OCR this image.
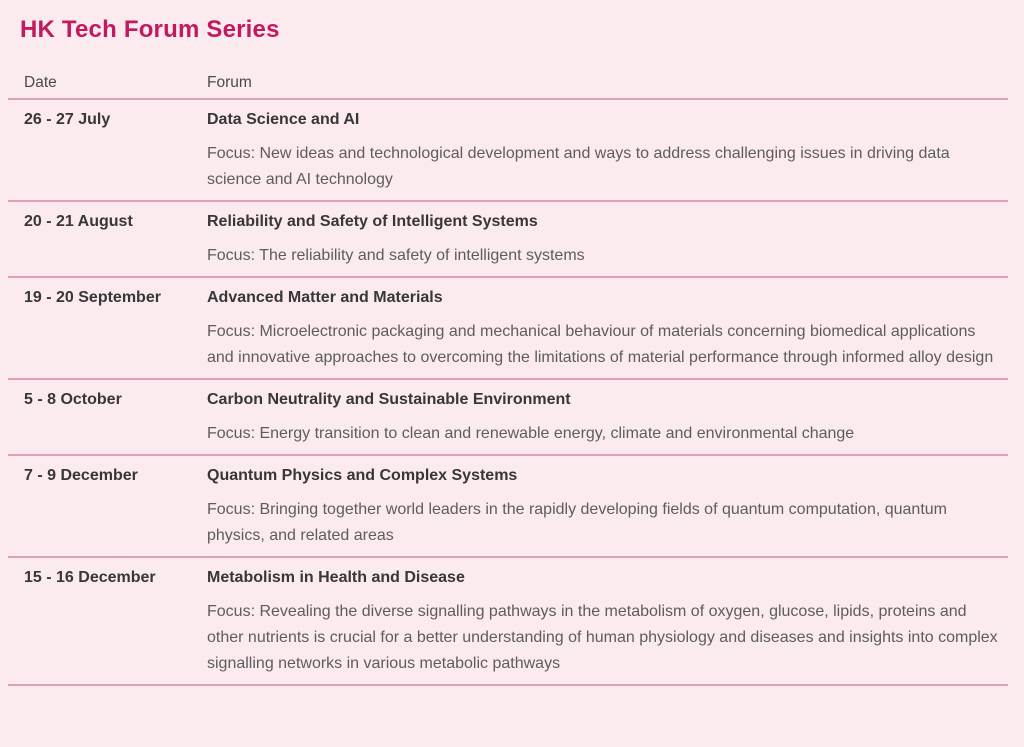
HK Tech Forum Series
Date	Forum
26 - 27 July	Data Science and AI

Focus: New ideas and technological development and ways to address challenging issues in driving data science and AI technology

20 - 21 August	Reliability and Safety of Intelligent Systems

Focus: The reliability and safety of intelligent systems

19 - 20 September	Advanced Matter and Materials

Focus: Microelectronic packaging and mechanical behaviour of materials concerning biomedical applications and innovative approaches to overcoming the limitations of material performance through informed alloy design

5 - 8 October	Carbon Neutrality and Sustainable Environment

Focus: Energy transition to clean and renewable energy, climate and environmental change

7 - 9 December	Quantum Physics and Complex Systems

Focus: Bringing together world leaders in the rapidly developing fields of quantum computation, quantum physics, and related areas

15 - 16 December	Metabolism in Health and Disease

Focus: Revealing the diverse signalling pathways in the metabolism of oxygen, glucose, lipids, proteins and other nutrients is crucial for a better understanding of human physiology and diseases and insights into complex signalling networks in various metabolic pathways
